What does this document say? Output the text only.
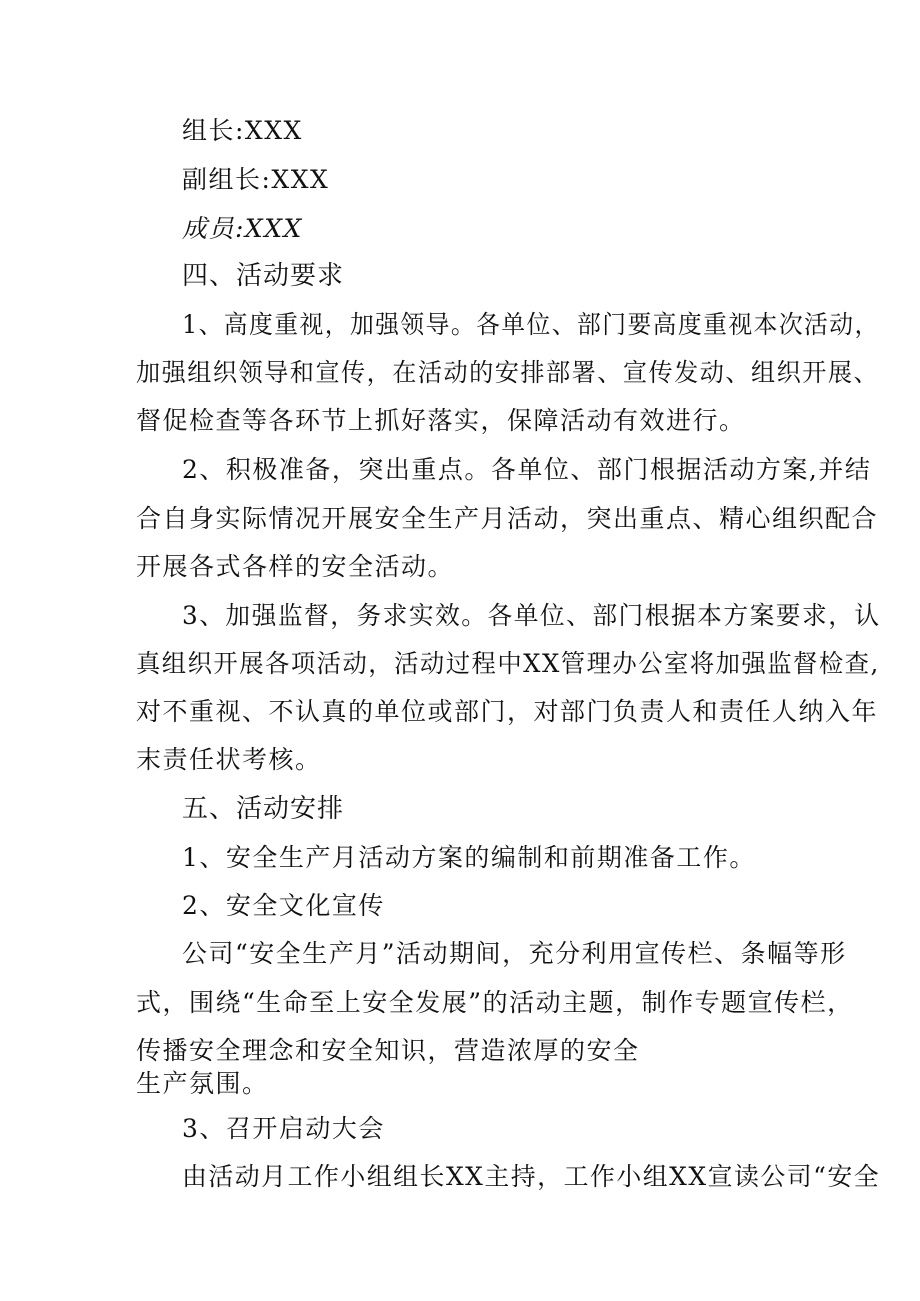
组长:XXX
副组长:XXX
成员:XXX
四、活动要求
1、高度重视，加强领导。各单位、部门要高度重视本次活动，
加强组织领导和宣传，在活动的安排部署、宣传发动、组织开展、
督促检查等各环节上抓好落实，保障活动有效进行。
2、积极准备，突出重点。各单位、部门根据活动方案,并结
合自身实际情况开展安全生产月活动，突出重点、精心组织配合
开展各式各样的安全活动。
3、加强监督，务求实效。各单位、部门根据本方案要求，认
真组织开展各项活动，活动过程中XX管理办公室将加强监督检查,
对不重视、不认真的单位或部门，对部门负责人和责任人纳入年
末责任状考核。
五、活动安排
1、安全生产月活动方案的编制和前期准备工作。
2、安全文化宣传
公司“安全生产月”活动期间，充分利用宣传栏、条幅等形
式，围绕“生命至上安全发展”的活动主题，制作专题宣传栏，
传播安全理念和安全知识，营造浓厚的安全
生产氛围。
3、召开启动大会
由活动月工作小组组长XX主持，工作小组XX宣读公司“安全
